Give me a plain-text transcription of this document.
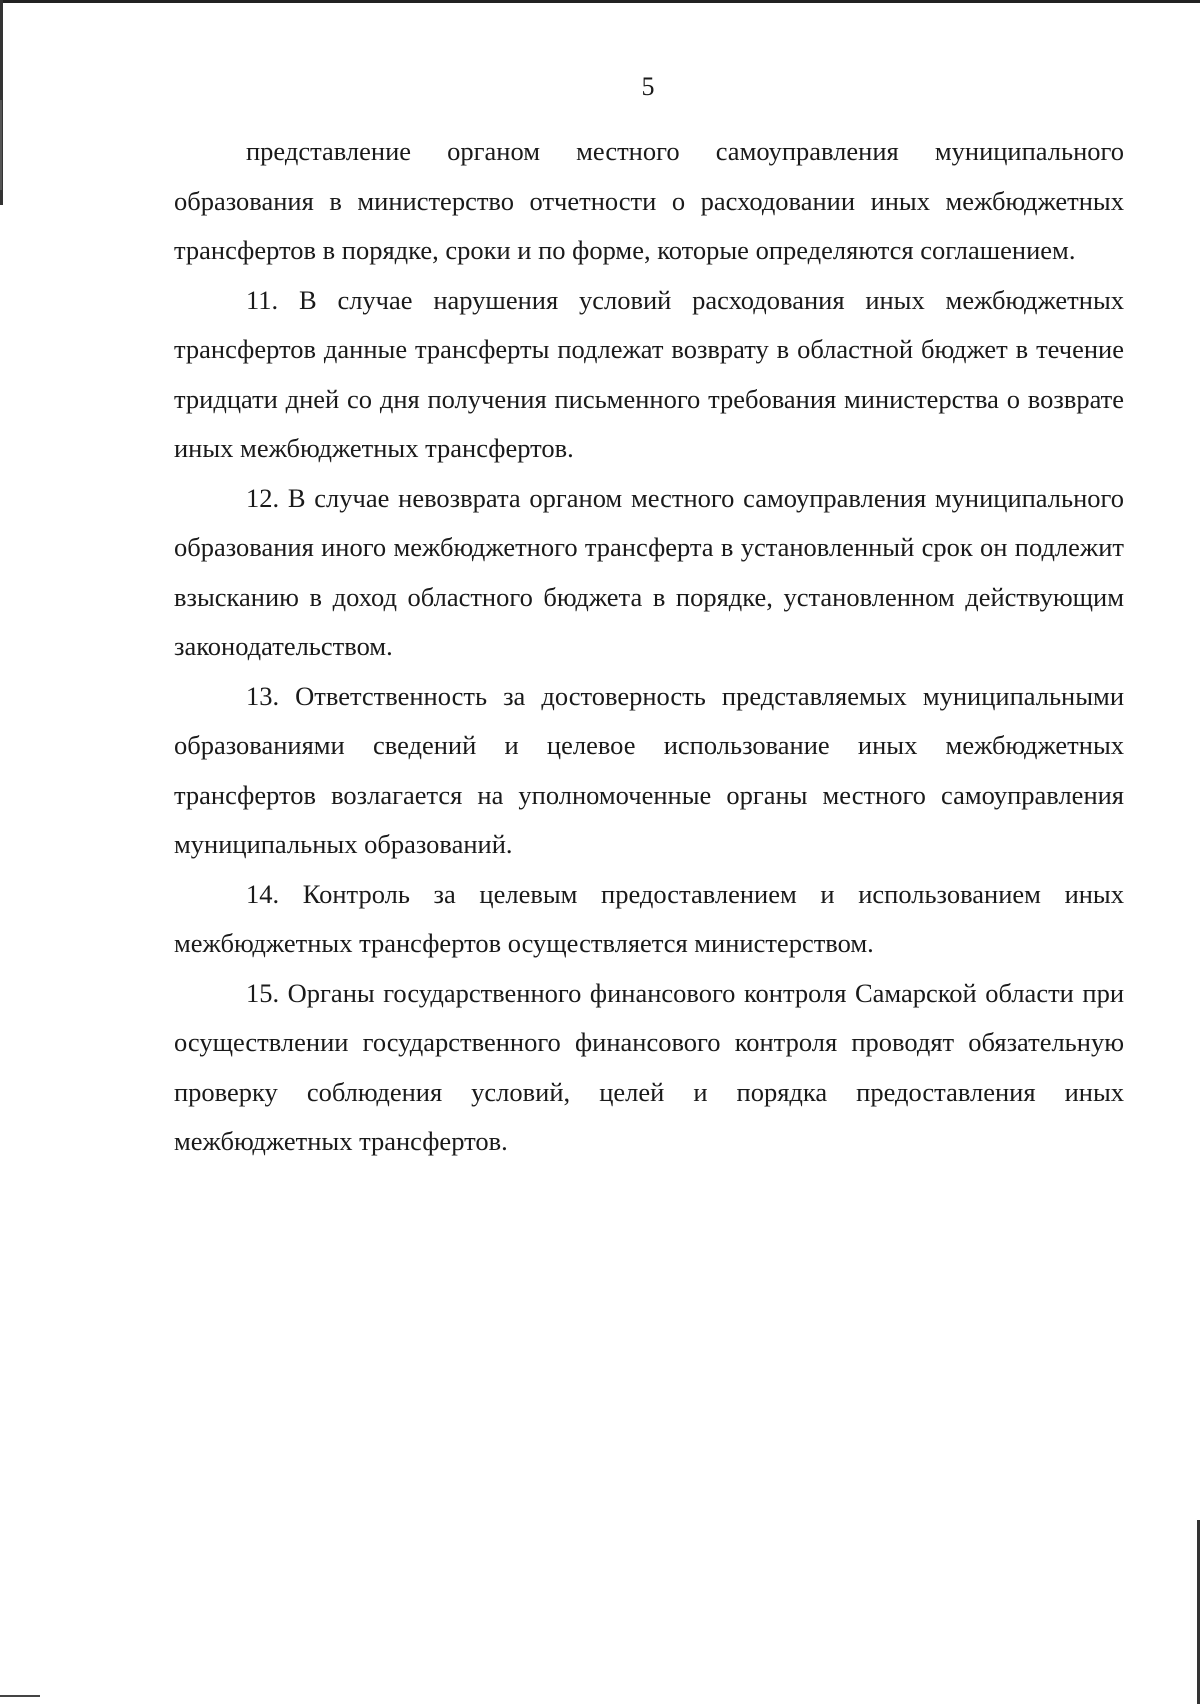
5

представление органом местного самоуправления муниципального образования в министерство отчетности о расходовании иных межбюджетных трансфертов в порядке, сроки и по форме, которые определяются соглашением.

11. В случае нарушения условий расходования иных межбюджетных трансфертов данные трансферты подлежат возврату в областной бюджет в течение тридцати дней со дня получения письменного требования министерства о возврате иных межбюджетных трансфертов.

12. В случае невозврата органом местного самоуправления муниципального образования иного межбюджетного трансферта в установленный срок он подлежит взысканию в доход областного бюджета в порядке, установленном действующим законодательством.

13. Ответственность за достоверность представляемых муниципальными образованиями сведений и целевое использование иных межбюджетных трансфертов возлагается на уполномоченные органы местного самоуправления муниципальных образований.

14. Контроль за целевым предоставлением и использованием иных межбюджетных трансфертов осуществляется министерством.

15. Органы государственного финансового контроля Самарской области при осуществлении государственного финансового контроля проводят обязательную проверку соблюдения условий, целей и порядка предоставления иных межбюджетных трансфертов.
